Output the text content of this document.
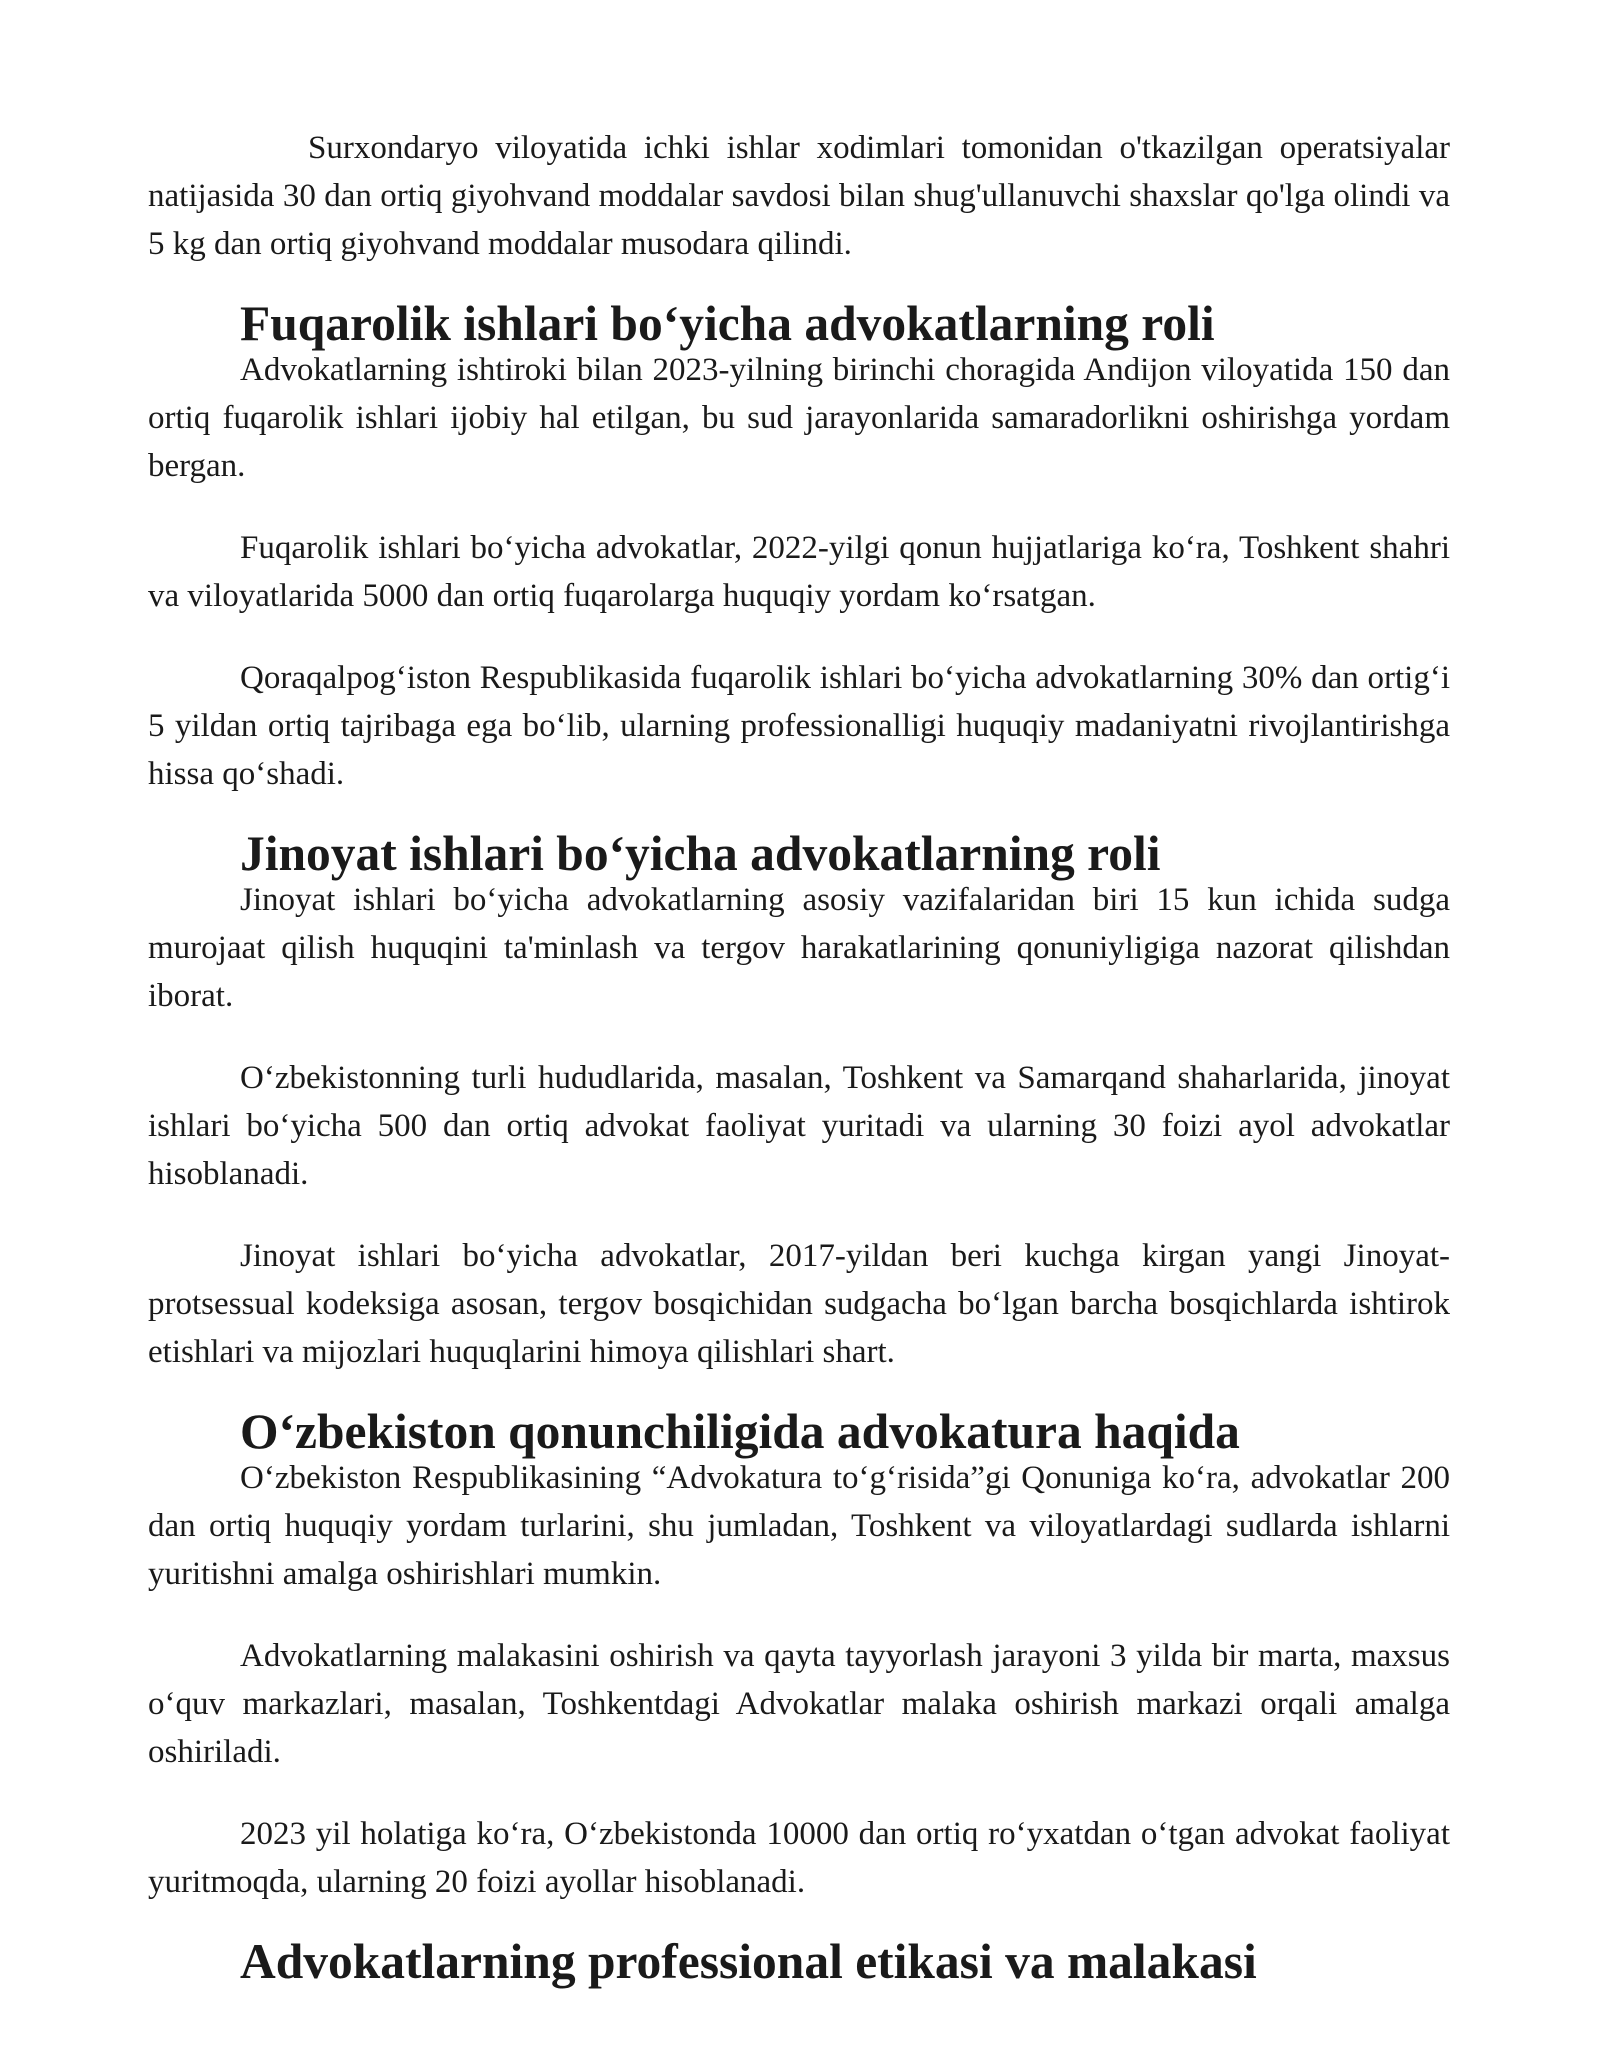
Surxondaryo viloyatida ichki ishlar xodimlari tomonidan o'tkazilgan operatsiyalar natijasida 30 dan ortiq giyohvand moddalar savdosi bilan shug'ullanuvchi shaxslar qo'lga olindi va 5 kg dan ortiq giyohvand moddalar musodara qilindi.

Fuqarolik ishlari boʻyicha advokatlarning roli

Advokatlarning ishtiroki bilan 2023-yilning birinchi choragida Andijon viloyatida 150 dan ortiq fuqarolik ishlari ijobiy hal etilgan, bu sud jarayonlarida samaradorlikni oshirishga yordam bergan.

Fuqarolik ishlari boʻyicha advokatlar, 2022-yilgi qonun hujjatlariga koʻra, Toshkent shahri va viloyatlarida 5000 dan ortiq fuqarolarga huquqiy yordam koʻrsatgan.

Qoraqalpogʻiston Respublikasida fuqarolik ishlari boʻyicha advokatlarning 30% dan ortigʻi 5 yildan ortiq tajribaga ega boʻlib, ularning professionalligi huquqiy madaniyatni rivojlantirishga hissa qoʻshadi.

Jinoyat ishlari boʻyicha advokatlarning roli

Jinoyat ishlari boʻyicha advokatlarning asosiy vazifalaridan biri 15 kun ichida sudga murojaat qilish huquqini ta'minlash va tergov harakatlarining qonuniyligiga nazorat qilishdan iborat.

Oʻzbekistonning turli hududlarida, masalan, Toshkent va Samarqand shaharlarida, jinoyat ishlari boʻyicha 500 dan ortiq advokat faoliyat yuritadi va ularning 30 foizi ayol advokatlar hisoblanadi.

Jinoyat ishlari boʻyicha advokatlar, 2017-yildan beri kuchga kirgan yangi Jinoyat-protsessual kodeksiga asosan, tergov bosqichidan sudgacha boʻlgan barcha bosqichlarda ishtirok etishlari va mijozlari huquqlarini himoya qilishlari shart.

Oʻzbekiston qonunchiligida advokatura haqida

Oʻzbekiston Respublikasining “Advokatura toʻgʻrisida”gi Qonuniga koʻra, advokatlar 200 dan ortiq huquqiy yordam turlarini, shu jumladan, Toshkent va viloyatlardagi sudlarda ishlarni yuritishni amalga oshirishlari mumkin.

Advokatlarning malakasini oshirish va qayta tayyorlash jarayoni 3 yilda bir marta, maxsus oʻquv markazlari, masalan, Toshkentdagi Advokatlar malaka oshirish markazi orqali amalga oshiriladi.

2023 yil holatiga koʻra, Oʻzbekistonda 10000 dan ortiq roʻyxatdan oʻtgan advokat faoliyat yuritmoqda, ularning 20 foizi ayollar hisoblanadi.

Advokatlarning professional etikasi va malakasi
